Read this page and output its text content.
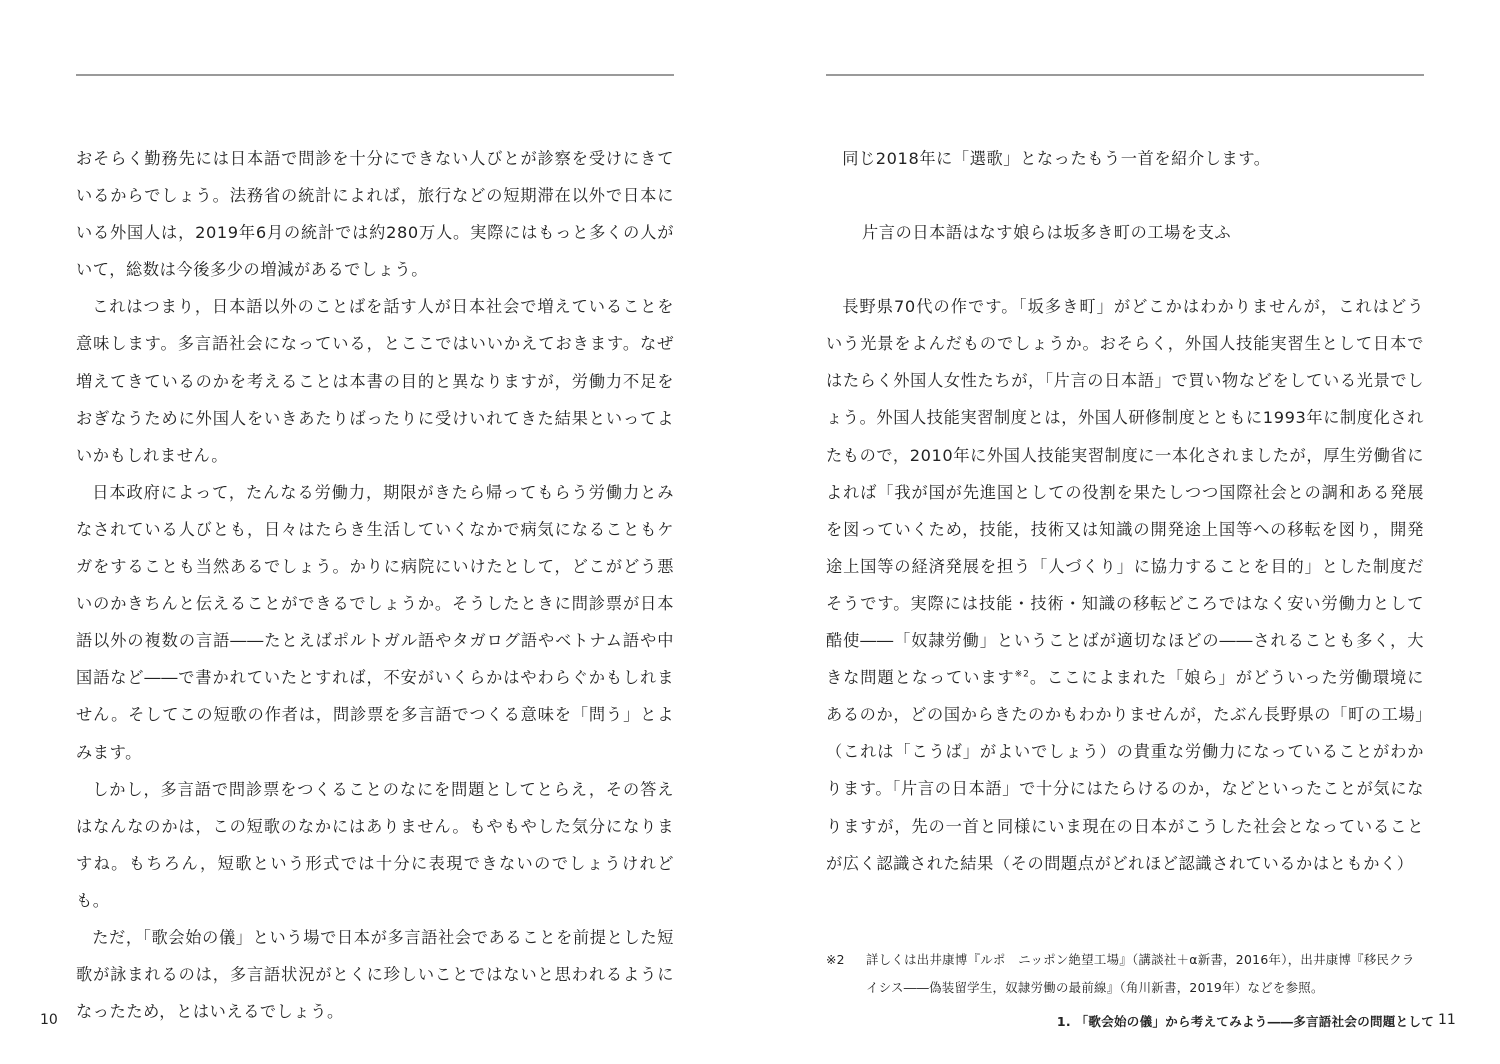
おそらく勤務先には日本語で問診を十分にできない人びとが診察を受けにきているからでしょう。法務省の統計によれば，旅行などの短期滞在以外で日本にいる外国人は，2019年6月の統計では約280万人。実際にはもっと多くの人がいて，総数は今後多少の増減があるでしょう。

これはつまり，日本語以外のことばを話す人が日本社会で増えていることを意味します。多言語社会になっている，とここではいいかえておきます。なぜ増えてきているのかを考えることは本書の目的と異なりますが，労働力不足をおぎなうために外国人をいきあたりばったりに受けいれてきた結果といってよいかもしれません。

日本政府によって，たんなる労働力，期限がきたら帰ってもらう労働力とみなされている人びとも，日々はたらき生活していくなかで病気になることもケガをすることも当然あるでしょう。かりに病院にいけたとして，どこがどう悪いのかきちんと伝えることができるでしょうか。そうしたときに問診票が日本語以外の複数の言語――たとえばポルトガル語やタガログ語やベトナム語や中国語など――で書かれていたとすれば，不安がいくらかはやわらぐかもしれません。そしてこの短歌の作者は，問診票を多言語でつくる意味を「問う」とよみます。

しかし，多言語で問診票をつくることのなにを問題としてとらえ，その答えはなんなのかは，この短歌のなかにはありません。もやもやした気分になりますね。もちろん，短歌という形式では十分に表現できないのでしょうけれども。

ただ，「歌会始の儀」という場で日本が多言語社会であることを前提とした短歌が詠まれるのは，多言語状況がとくに珍しいことではないと思われるようになったため，とはいえるでしょう。

10

同じ2018年に「選歌」となったもう一首を紹介します。

片言の日本語はなす娘らは坂多き町の工場を支ふ

長野県70代の作です。「坂多き町」がどこかはわかりませんが，これはどういう光景をよんだものでしょうか。おそらく，外国人技能実習生として日本ではたらく外国人女性たちが，「片言の日本語」で買い物などをしている光景でしょう。外国人技能実習制度とは，外国人研修制度とともに1993年に制度化されたもので，2010年に外国人技能実習制度に一本化されましたが，厚生労働省によれば「我が国が先進国としての役割を果たしつつ国際社会との調和ある発展を図っていくため，技能，技術又は知識の開発途上国等への移転を図り，開発途上国等の経済発展を担う「人づくり」に協力することを目的」とした制度だそうです。実際には技能・技術・知識の移転どころではなく安い労働力として酷使――「奴隷労働」ということばが適切なほどの――されることも多く，大きな問題となっています$^{※2}$。ここによまれた「娘ら」がどういった労働環境にあるのか，どの国からきたのかもわかりませんが，たぶん長野県の「町の工場」（これは「こうば」がよいでしょう）の貴重な労働力になっていることがわかります。「片言の日本語」で十分にはたらけるのか，などといったことが気になりますが，先の一首と同様にいま現在の日本がこうした社会となっていることが広く認識された結果（その問題点がどれほど認識されているかはともかく）

※2 詳しくは出井康博『ルポ　ニッポン絶望工場』（講談社＋α新書，2016年），出井康博『移民クライシス――偽装留学生，奴隷労働の最前線』（角川新書，2019年）などを参照。
1. 「歌会始の儀」から考えてみよう――多言語社会の問題として 11
